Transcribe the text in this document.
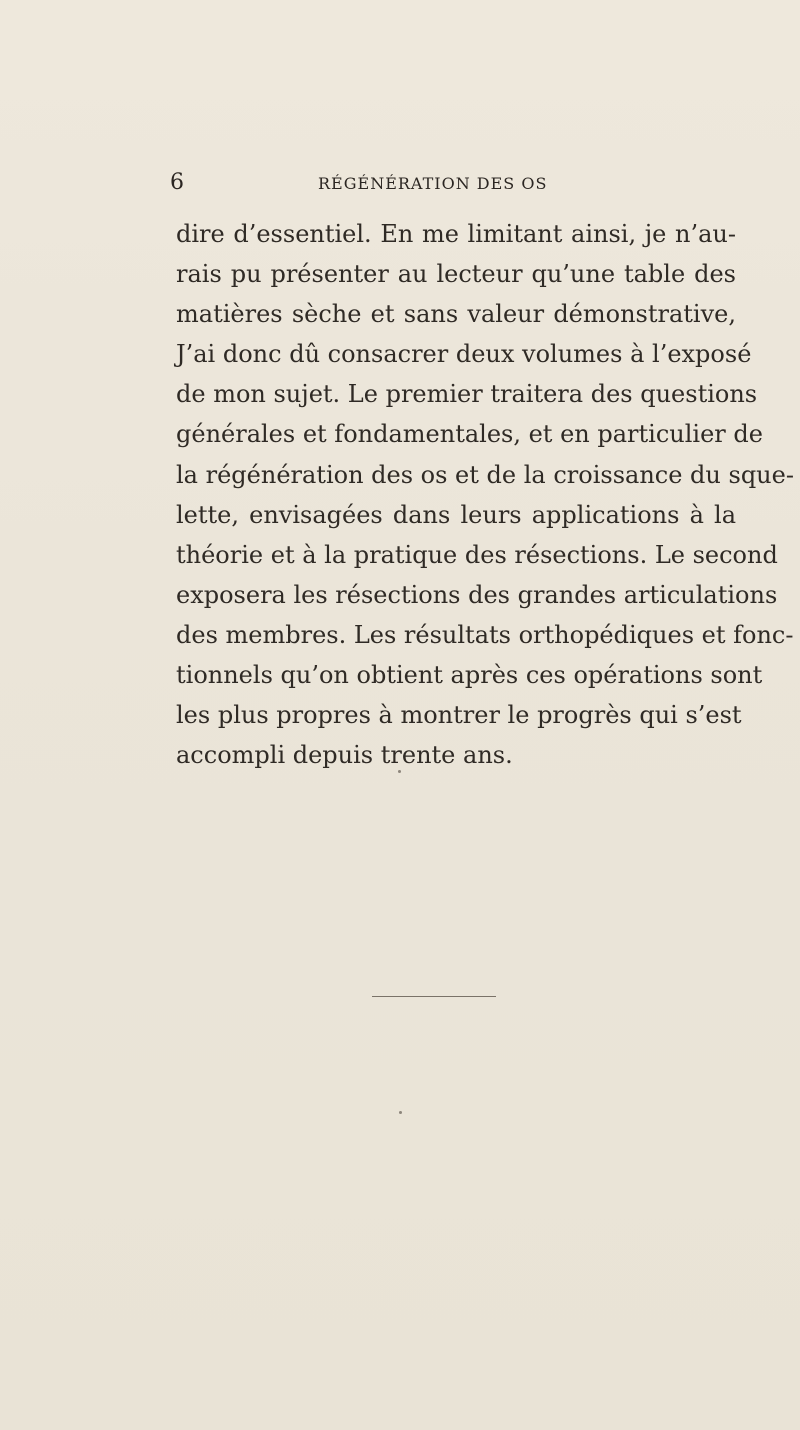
6	RÉGÉNÉRATION DES OS
dire d’essentiel. En me limitant ainsi, je n’au-
rais pu présenter au lecteur qu’une table des
matières sèche et sans valeur démonstrative,
J’ai donc dû consacrer deux volumes à l’exposé
de mon sujet. Le premier traitera des questions
générales et fondamentales, et en particulier de
la régénération des os et de la croissance du sque-
lette, envisagées dans leurs applications à la
théorie et à la pratique des résections. Le second
exposera les résections des grandes articulations
des membres. Les résultats orthopédiques et fonc-
tionnels qu’on obtient après ces opérations sont
les plus propres à montrer le progrès qui s’est
accompli depuis trente ans.
